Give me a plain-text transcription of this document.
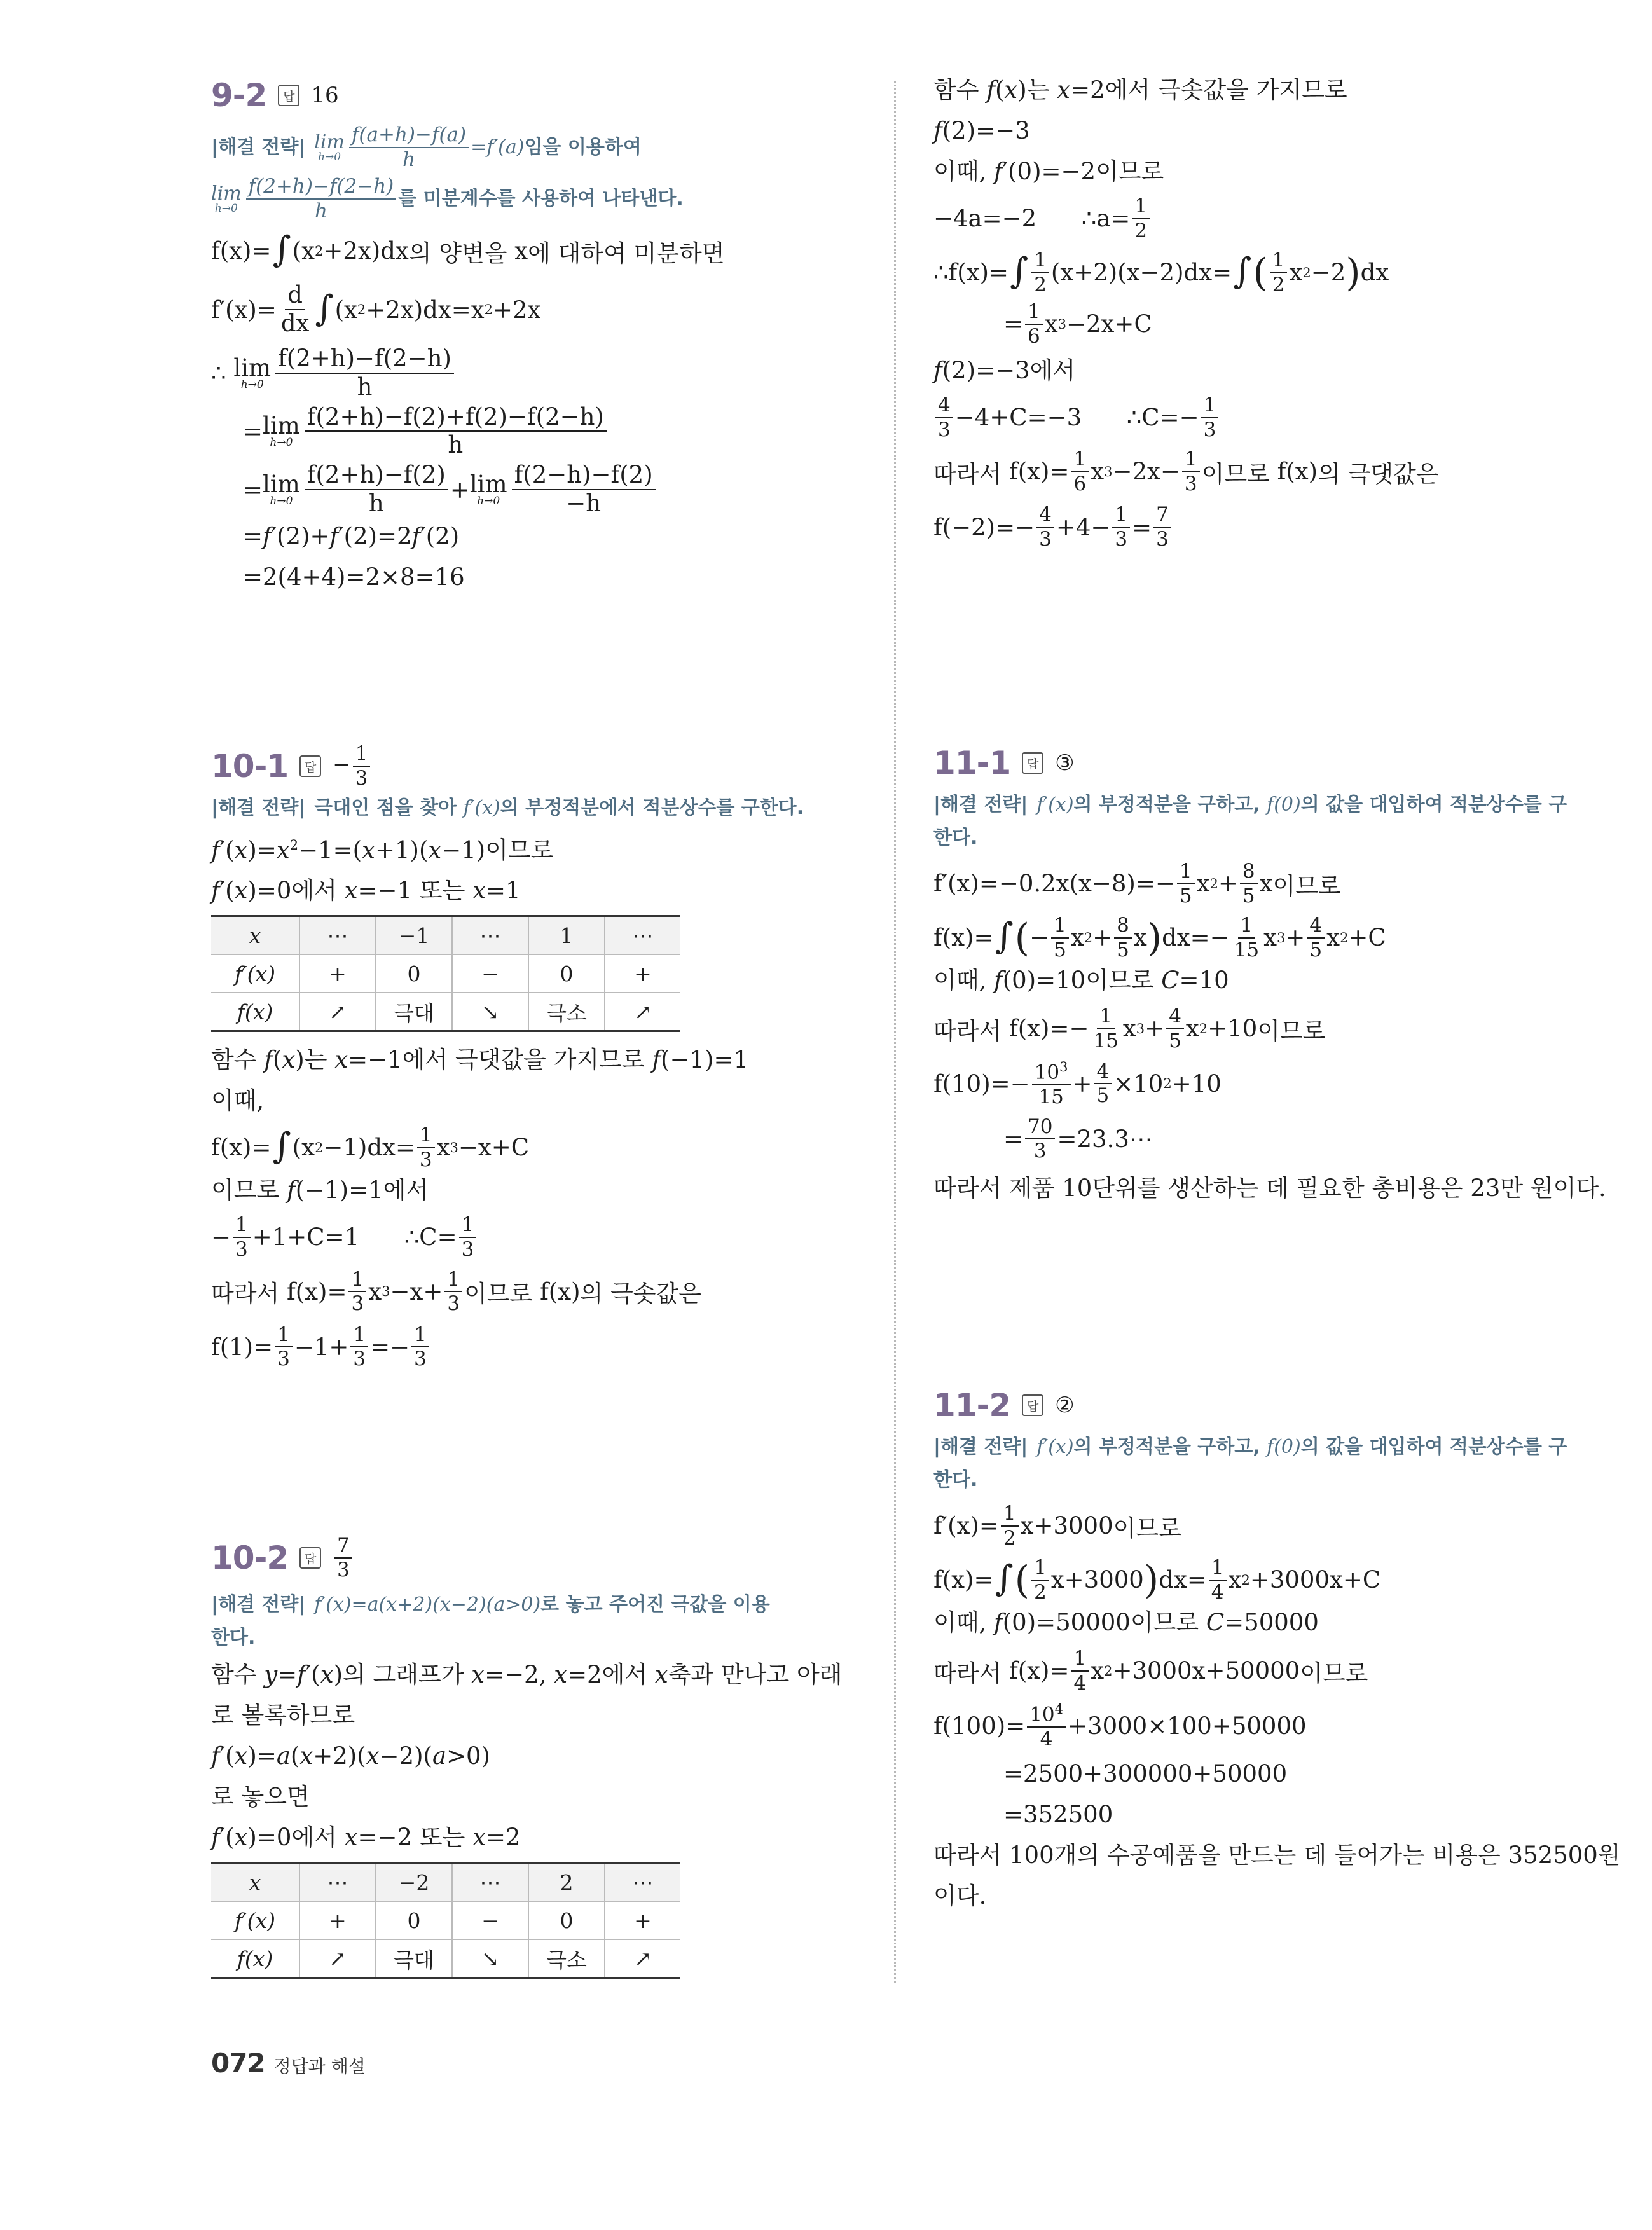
9-2	답 16
|해결 전략| lim
$h\to 0 \frac{f(a+h)-f(a)}{h} =f'(a)$ 임을 이용하여
lim
$h\to 0 \frac{f(2+h)-f(2-h)}{h}$ 를 미분계수를 사용하여 나타낸다.
f ( x )= ∫ ( x 2 +2 x ) dx 의 양변을
x 에 대하여 미분하면
f ′( x )= $\frac{d}{dx}$ ∫ ( x 2 +2 x ) dx = x 2 +2 x
∴ lim
$h\to 0 \frac{f(2+h)-f(2-h)}{h}$
= lim
$h\to 0 \frac{f(2+h)-f(2)+f(2)-f(2-h)}{h}$
= lim
$h\to 0 \frac{f(2+h)-f(2)}{h} + \lim$
$h\to 0 \frac{f(2-h)-f(2)}{-h}$
=f′(2)+f′(2)=2f′(2)
=2(4+4)=2×8=16
10-1	답 − $\frac{1}{3}$
|해결 전략| 극대인 점을 찾아 f′(x)의 부정적분에서 적분상수를 구한다.
$f'(x)=x^2-1=(x+1)(x-1)$이므로
f′(x)=0에서 x=−1 또는 x=1
x	⋯	−1	⋯	1	⋯
f′(x)	+	0	−	0	+
f(x)	↗	극대	↘	극소	↗
함수 f(x)는 x=−1에서 극댓값을 가지므로 f(−1)=1
이때,
f ( x )= ∫ ( x 2 −1) dx = $\frac{1}{3}$ x 3 − x + C
이므로 f(−1)=1에서
− $\frac{1}{3} +1+ C =1$      ∴ $C = \frac{1}{3}$
따라서
f ( x )= $\frac{1}{3}$ x $3 - x + \frac{1}{3}$ 이므로
f ( x ) 의 극솟값은
f $(1)= \frac{1}{3} -1+ \frac{1}{3} =- \frac{1}{3}$
10-2	답 $\frac{7}{3}$
|해결 전략| f′(x)=a(x+2)(x−2)(a>0)로 놓고 주어진 극값을 이용
한다.
함수 y=f′(x)의 그래프가 x=−2, x=2에서 x축과 만나고 아래
로 볼록하므로
f′(x)=a(x+2)(x−2)(a>0)
로 놓으면
f′(x)=0에서 x=−2 또는 x=2
x	⋯	−2	⋯	2	⋯
f′(x)	+	0	−	0	+
f(x)	↗	극대	↘	극소	↗
함수 f(x)는 x=2에서 극솟값을 가지므로
f(2)=−3
이때, f′(0)=−2이므로
−4 a =−2      ∴ $a = \frac{1}{2}$
∴ f ( x )= ∫ $\frac{1}{2}$ ( x +2)( x −2) dx = ∫ ( $\frac{1}{2}$ x 2 −2 ) dx
= $\frac{1}{6}$ x 3 −2 x + C
f(2)=−3에서
$\frac{4}{3} -4+ C =-3$      ∴ $C =- \frac{1}{3}$
따라서
f ( x )= $\frac{1}{6}$ x 3 −2 $x - \frac{1}{3}$ 이므로
f ( x ) 의 극댓값은
f $(-2)=- \frac{4}{3} +4- \frac{1}{3} = \frac{7}{3}$
11-1	답 ③
|해결 전략| f′(x)의 부정적분을 구하고, f(0)의 값을 대입하여 적분상수를 구
한다.
f ′( x )=−0.2 x ( $x -8)=- \frac{1}{5}$ x $2 + \frac{8}{5}$ x 이므로
f ( x )= ∫ ( − $\frac{1}{5}$ x $2 + \frac{8}{5}$ x ) dx =− $\frac{1}{15}$ x $3 + \frac{4}{5}$ x 2 + C
이때, f(0)=10이므로 C=10
따라서
f ( x )=− $\frac{1}{15}$ x $3 + \frac{4}{5}$ x 2 +10 이므로
f $(10)=- \frac{10^3}{15} + \frac{4}{5} \times 10$ 2 +10
= $\frac{70}{3}$ =23.3⋯
따라서 제품 10단위를 생산하는 데 필요한 총비용은 23만 원이다.
11-2	답 ②
|해결 전략| f′(x)의 부정적분을 구하고, f(0)의 값을 대입하여 적분상수를 구
한다.
f ′( x )= $\frac{1}{2}$ x +3000 이므로
f ( x )= ∫ ( $\frac{1}{2}$ x +3000 ) dx = $\frac{1}{4}$ x 2 +3000 x + C
이때, f(0)=50000이므로 C=50000
따라서
f ( x )= $\frac{1}{4}$ x 2 +3000 x +50000 이므로
f $(100)= \frac{10^4}{4} +3000\times 100+50000$
=2500+300000+50000
=352500
따라서 100개의 수공예품을 만드는 데 들어가는 비용은 352500원
이다.
072 정답과 해설
